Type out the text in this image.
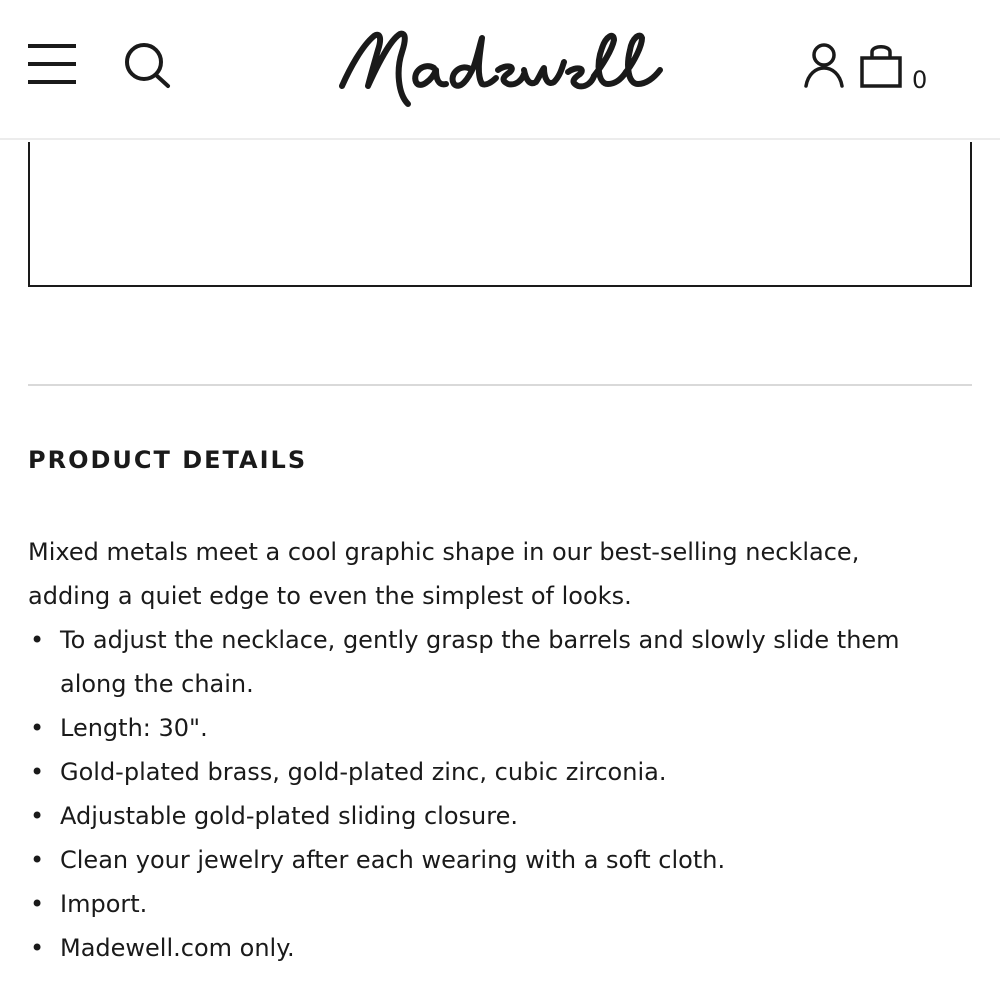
0
PRODUCT DETAILS

Mixed metals meet a cool graphic shape in our best-selling necklace, adding a quiet edge to even the simplest of looks.

• To adjust the necklace, gently grasp the barrels and slowly slide them along the chain.
• Length: 30".
• Gold-plated brass, gold-plated zinc, cubic zirconia.
• Adjustable gold-plated sliding closure.
• Clean your jewelry after each wearing with a soft cloth.
• Import.
• Madewell.com only.
